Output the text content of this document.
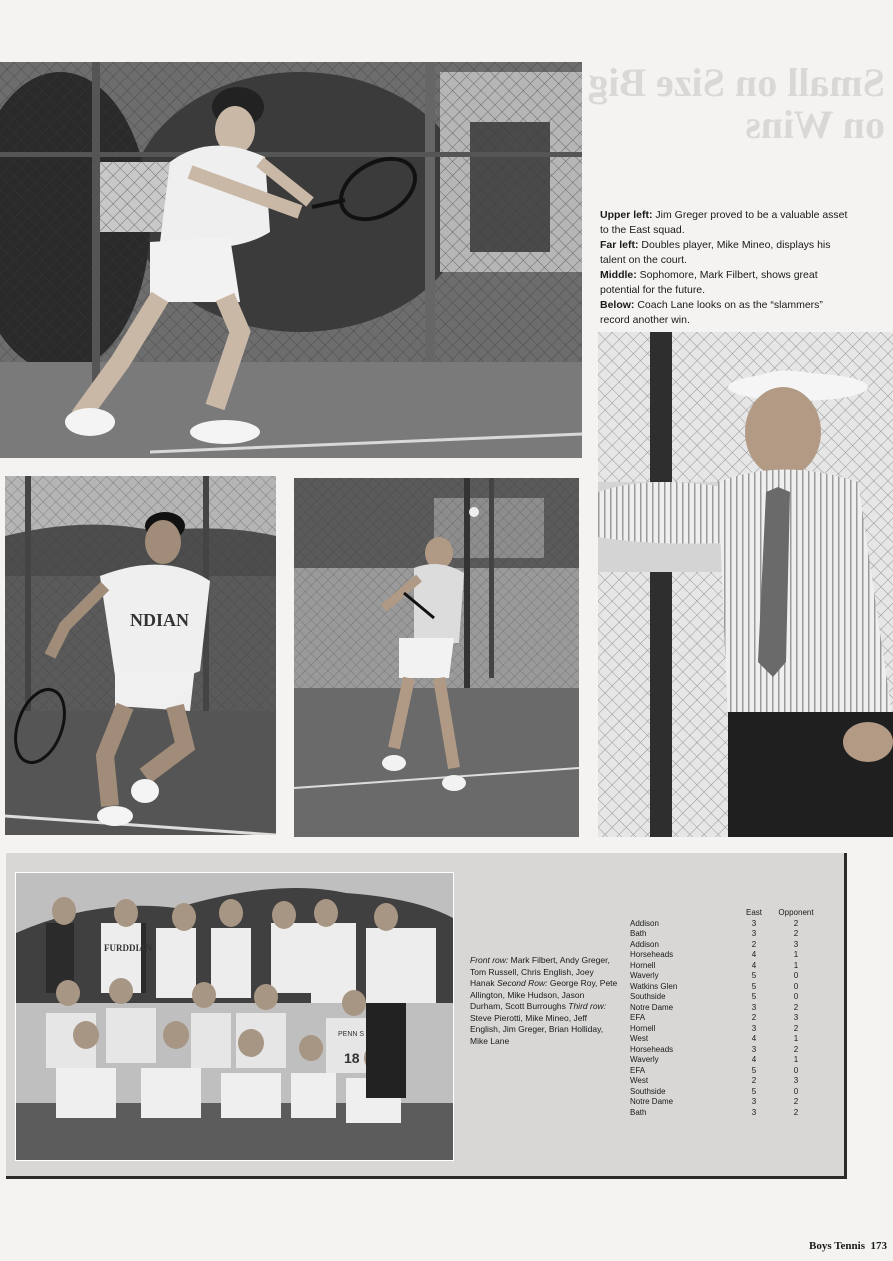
Small on Size Big on Wins

Upper left: Jim Greger proved to be a valuable asset to the East squad.

Far left: Doubles player, Mike Mineo, displays his talent on the court.

Middle: Sophomore, Mark Filbert, shows great potential for the future.

Below: Coach Lane looks on as the “slammers” record another win.

NDIAN
FURDDIAN
PENN S
18
Front row: Mark Filbert, Andy Greger, Tom Russell, Chris English, Joey Hanak Second Row: George Roy, Pete Allington, Mike Hudson, Jason Durham, Scott Burroughs Third row: Steve Pierotti, Mike Mineo, Jeff English, Jim Greger, Brian Holliday, Mike Lane
	East	Opponent
Addison	3	2
Bath	3	2
Addison	2	3
Horseheads	4	1
Hornell	4	1
Waverly	5	0
Watkins Glen	5	0
Southside	5	0
Notre Dame	3	2
EFA	2	3
Hornell	3	2
West	4	1
Horseheads	3	2
Waverly	4	1
EFA	5	0
West	2	3
Southside	5	0
Notre Dame	3	2
Bath	3	2
Boys Tennis 173
